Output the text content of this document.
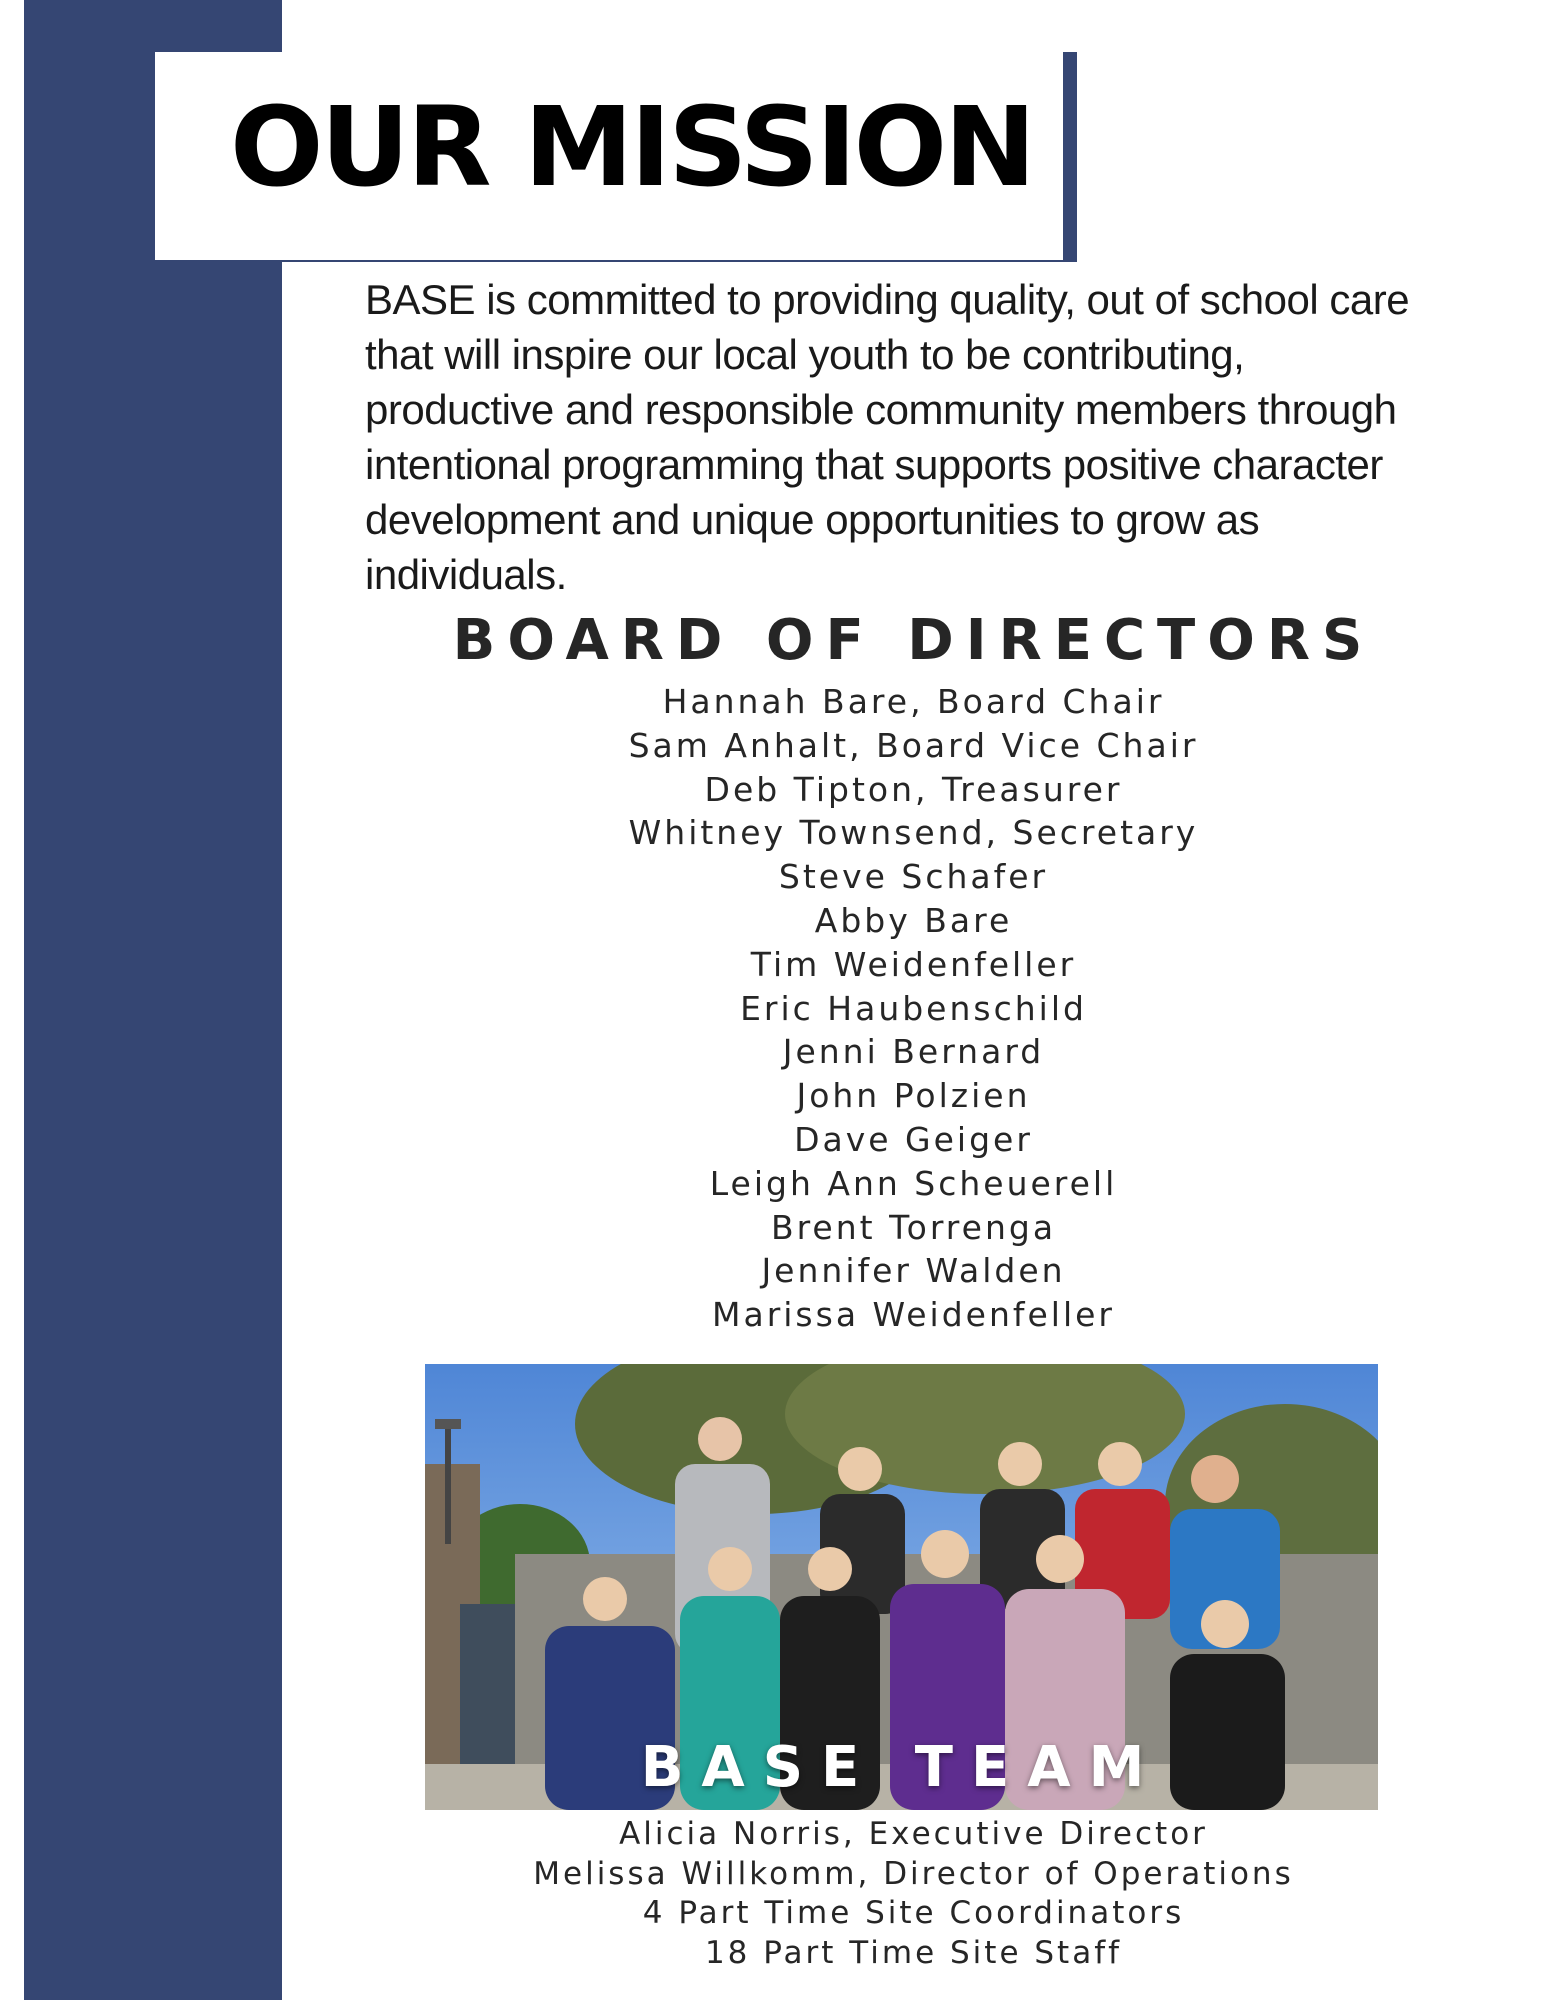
OUR MISSION

BASE is committed to providing quality, out of school care that will inspire our local youth to be contributing, productive and responsible community members through intentional programming that supports positive character development and unique opportunities to grow as individuals.

BOARD OF DIRECTORS
Hannah Bare, Board Chair
Sam Anhalt, Board Vice Chair
Deb Tipton, Treasurer
Whitney Townsend, Secretary
Steve Schafer
Abby Bare
Tim Weidenfeller
Eric Haubenschild
Jenni Bernard
John Polzien
Dave Geiger
Leigh Ann Scheuerell
Brent Torrenga
Jennifer Walden
Marissa Weidenfeller
BASE TEAM
Alicia Norris, Executive Director
Melissa Willkomm, Director of Operations
4 Part Time Site Coordinators
18 Part Time Site Staff
